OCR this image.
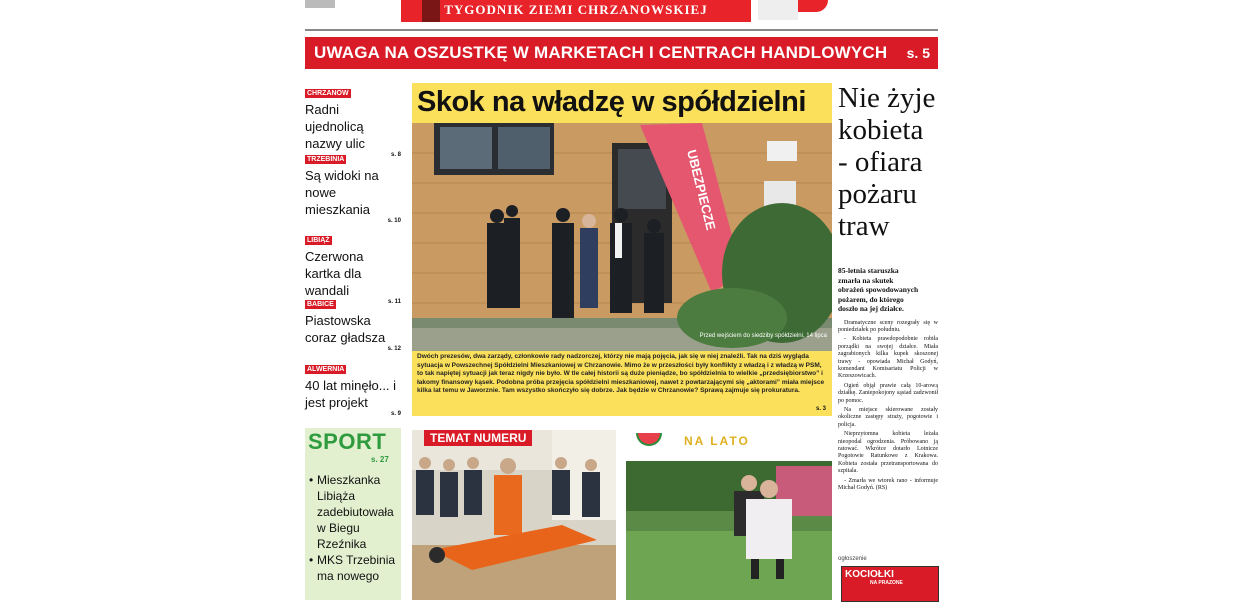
TYGODNIK ZIEMI CHRZANOWSKIEJ
UWAGA NA OSZUSTKĘ W MARKETACH I CENTRACH HANDLOWYCH s. 5
CHRZANÓW
Radni ujednolicą nazwy ulic
s. 8
TRZEBINIA
Są widoki na nowe mieszkania
s. 10
LIBIĄŻ
Czerwona kartka dla wandali
s. 11
BABICE
Piastowska coraz gładsza
s. 12
ALWERNIA
40 lat minęło... i jest projekt
s. 9
Skok na władzę w spółdzielni
UBEZPIECZE
Przed wejściem do siedziby spółdzielni, 14 lipca
Dwóch prezesów, dwa zarządy, członkowie rady nadzorczej, którzy nie mają pojęcia, jak się w niej znaleźli. Tak na dziś wygląda sytuacja w Powszechnej Spółdzielni Mieszkaniowej w Chrzanowie. Mimo że w przeszłości były konflikty z władzą i z władzą w PSM, to tak napiętej sytuacji jak teraz nigdy nie było. W tle całej historii są duże pieniądze, bo spółdzielnia to wielkie „przedsiębiorstwo” i łakomy finansowy kąsek. Podobna próba przejęcia spółdzielni mieszkaniowej, nawet z powtarzającymi się „aktorami” miała miejsce kilka lat temu w Jaworznie. Tam wszystko skończyło się dobrze. Jak będzie w Chrzanowie? Sprawą zajmuje się prokuratura.
s. 3
Nie żyje kobieta - ofiara pożaru traw
85-letnia staruszka zmarła na skutek obrażeń spowodowanych pożarem, do którego doszło na jej działce.

Dramatyczne sceny rozegrały się w poniedziałek po południu.

- Kobieta prawdopodobnie robiła porządki na swojej działce. Miała zagrabionych kilka kupek skoszonej trawy - opowiada Michał Godyń, komendant Komisariatu Policji w Krzeszowicach.

Ogień objął prawie całą 10-arową działkę. Zaniepokojony sąsiad zadzwonił po pomoc.

Na miejsce skierowane zostały okoliczne zastępy straży, pogotowie i policja.

Nieprzytomna kobieta leżała nieopodal ogrodzenia. Próbowano ją ratować. Wkrótce dotarło Lotnicze Pogotowie Ratunkowe z Krakowa. Kobieta została przetransportowana do szpitala.

- Zmarła we wtorek rano - informuje Michał Godyń. (RS)

ogłoszenie
KOCIOŁKI
NA PRAZONE
SPORT
s. 27
• Mieszkanka Libiąża zadebiutowała w Biegu Rzeźnika
• MKS Trzebinia ma nowego
TEMAT NUMERU	NA LATO
